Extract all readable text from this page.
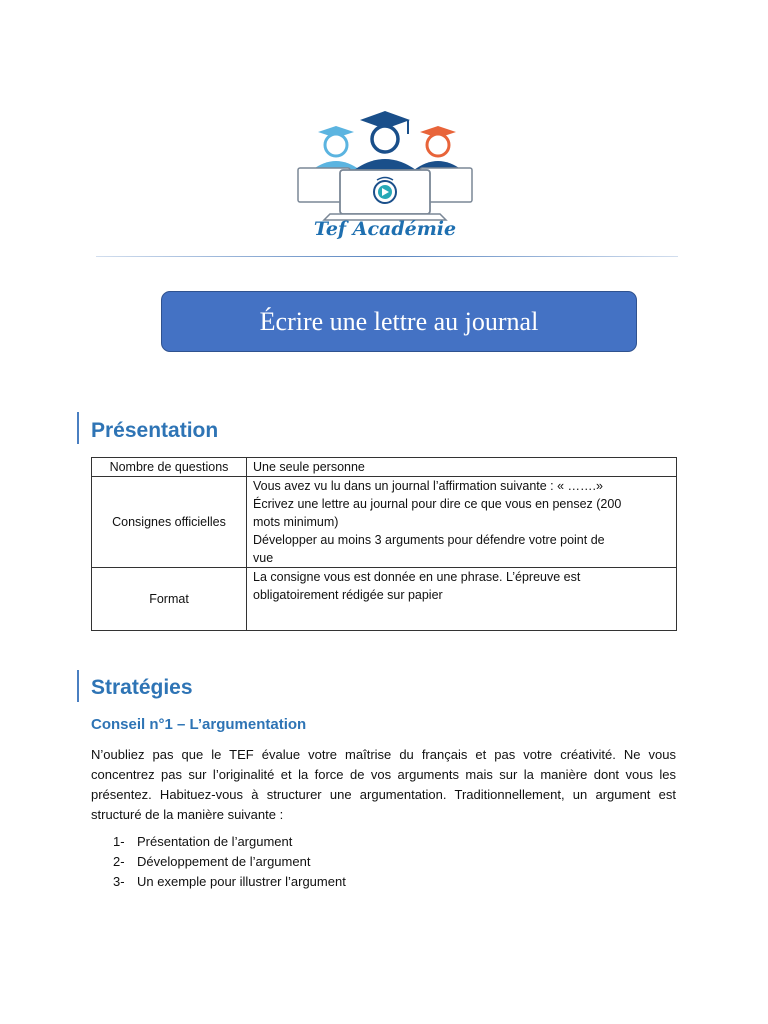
Tef Académie
Écrire une lettre au journal
Présentation
Nombre de questions	Une seule personne

Consignes officielles	Vous avez vu lu dans un journal l’affirmation suivante : « …….»
Écrivez une lettre au journal pour dire ce que vous en pensez (200
mots minimum)
Développer au moins 3 arguments pour défendre votre point de
vue

Format	La consigne vous est donnée en une phrase. L’épreuve est
obligatoirement rédigée sur papier
Stratégies
Conseil n°1 – L’argumentation

N’oubliez pas que le TEF évalue votre maîtrise du français et pas votre créativité. Ne vous concentrez pas sur l’originalité et la force de vos arguments mais sur la manière dont vous les présentez. Habituez-vous à structurer une argumentation. Traditionnellement, un argument est structuré de la manière suivante :

1- Présentation de l’argument
2- Développement de l’argument
3- Un exemple pour illustrer l’argument
